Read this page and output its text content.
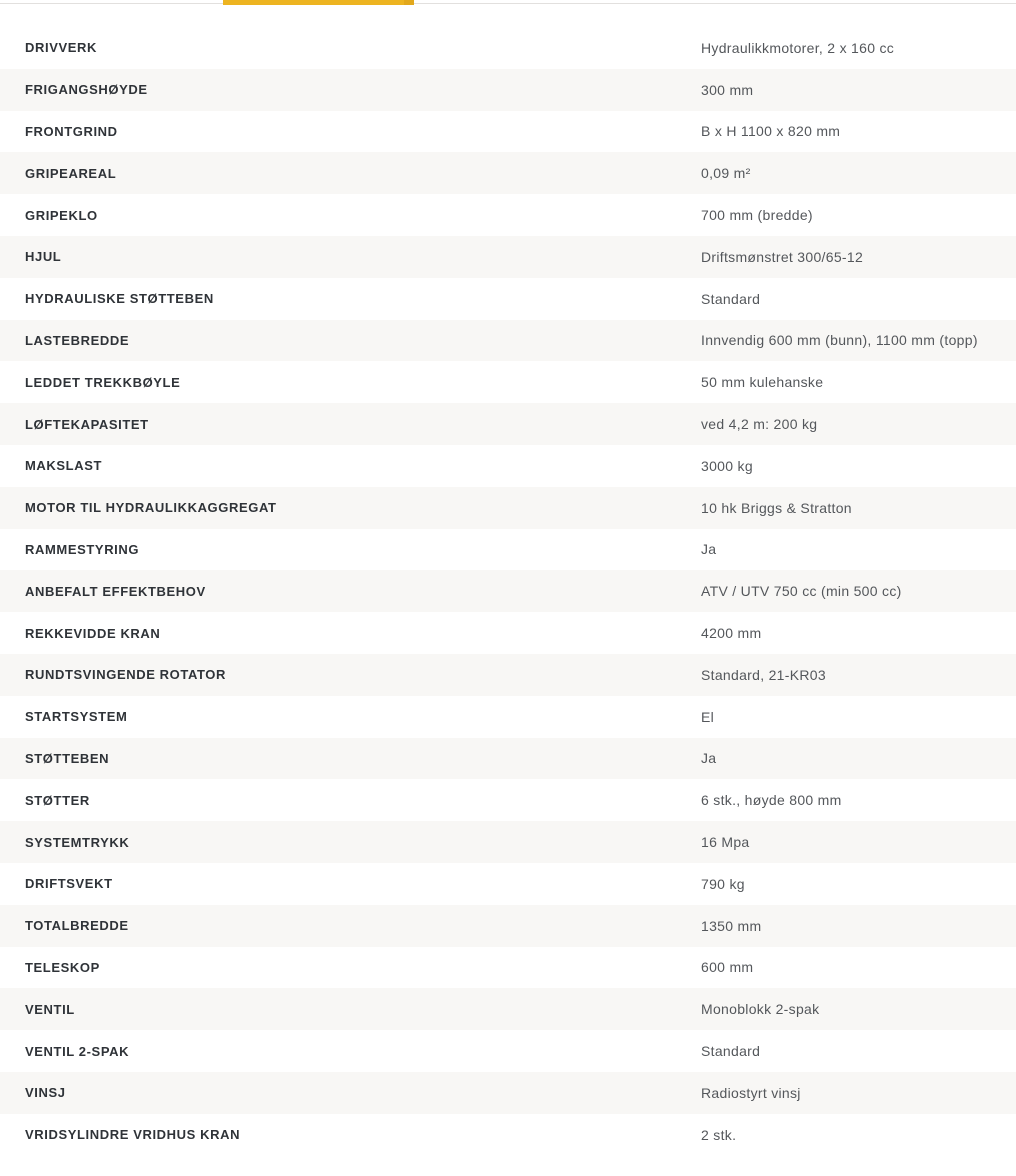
DRIVVERK	Hydraulikkmotorer, 2 x 160 cc
FRIGANGSHØYDE	300 mm
FRONTGRIND	B x H 1100 x 820 mm
GRIPEAREAL	0,09 m²
GRIPEKLO	700 mm (bredde)
HJUL	Driftsmønstret 300/65-12
HYDRAULISKE STØTTEBEN	Standard
LASTEBREDDE	Innvendig 600 mm (bunn), 1100 mm (topp)
LEDDET TREKKBØYLE	50 mm kulehanske
LØFTEKAPASITET	ved 4,2 m: 200 kg
MAKSLAST	3000 kg
MOTOR TIL HYDRAULIKKAGGREGAT	10 hk Briggs & Stratton
RAMMESTYRING	Ja
ANBEFALT EFFEKTBEHOV	ATV / UTV 750 cc (min 500 cc)
REKKEVIDDE KRAN	4200 mm
RUNDTSVINGENDE ROTATOR	Standard, 21-KR03
STARTSYSTEM	El
STØTTEBEN	Ja
STØTTER	6 stk., høyde 800 mm
SYSTEMTRYKK	16 Mpa
DRIFTSVEKT	790 kg
TOTALBREDDE	1350 mm
TELESKOP	600 mm
VENTIL	Monoblokk 2-spak
VENTIL 2-SPAK	Standard
VINSJ	Radiostyrt vinsj
VRIDSYLINDRE VRIDHUS KRAN	2 stk.
